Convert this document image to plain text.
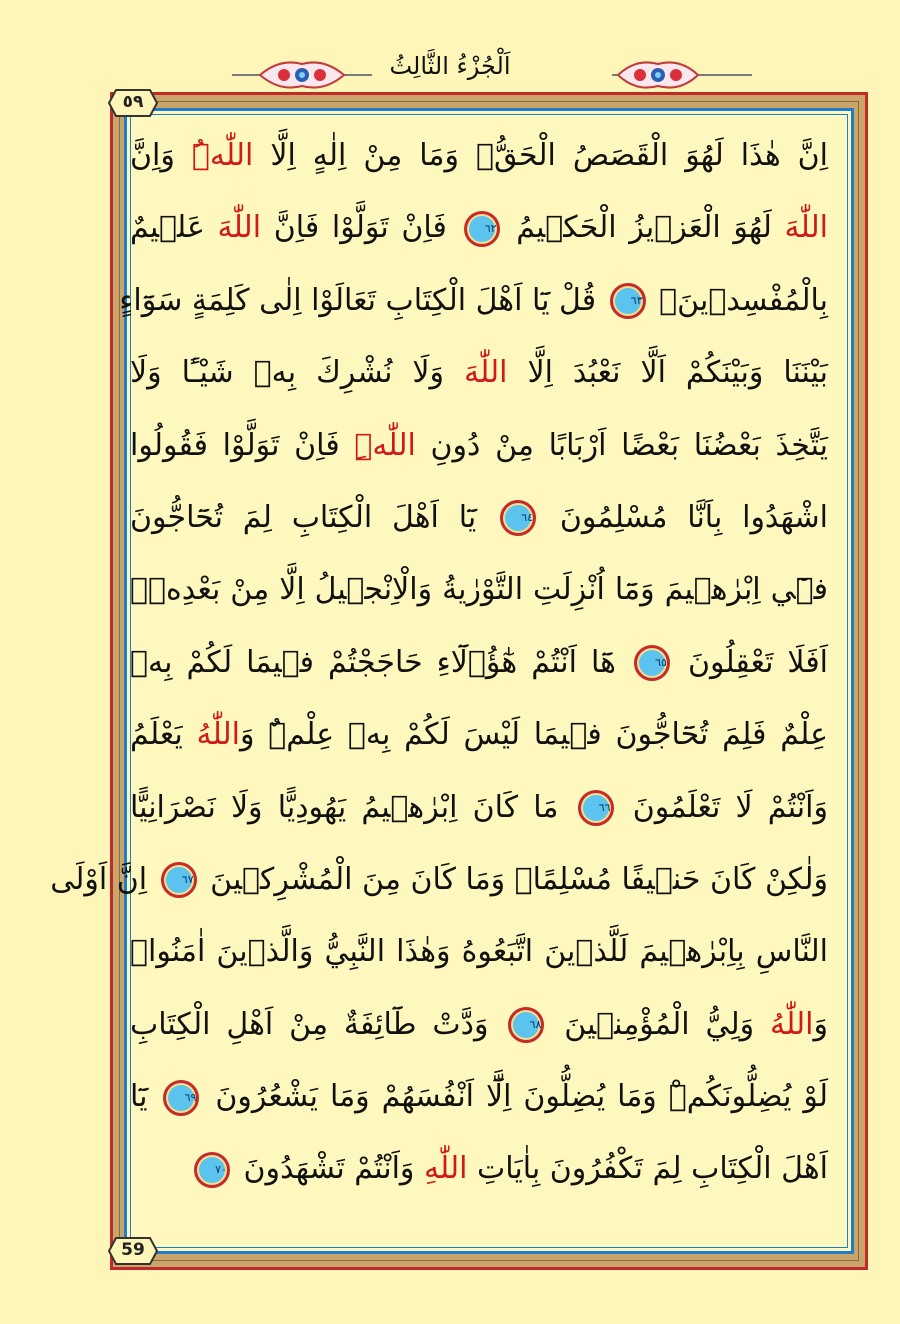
اَلْجُزْءُ الثَّالِثُ
٥٩
59
اِنَّ هٰذَا لَهُوَ الْقَصَصُ الْحَقُّۚ وَمَا مِنْ اِلٰهٍ اِلَّا اللّٰهُۜ وَاِنَّ
اللّٰهَ لَهُوَ الْعَز۪يزُ الْحَك۪يمُ ٦٢ فَاِنْ تَوَلَّوْا فَاِنَّ اللّٰهَ عَل۪يمٌ
بِالْمُفْسِد۪ينَ۟ ٦٣ قُلْ يَٓا اَهْلَ الْكِتَابِ تَعَالَوْا اِلٰى كَلِمَةٍ سَوَٓاءٍ
بَيْنَنَا وَبَيْنَكُمْ اَلَّا نَعْبُدَ اِلَّا اللّٰهَ وَلَا نُشْرِكَ بِه۪ شَيْـًٔا وَلَا
يَتَّخِذَ بَعْضُنَا بَعْضًا اَرْبَابًا مِنْ دُونِ اللّٰهِۜ فَاِنْ تَوَلَّوْا فَقُولُوا
اشْهَدُوا بِاَنَّا مُسْلِمُونَ ٦٤ يَٓا اَهْلَ الْكِتَابِ لِمَ تُحَٓاجُّونَ
ف۪ٓي اِبْرٰه۪يمَ وَمَٓا اُنْزِلَتِ التَّوْرٰيةُ وَالْاِنْج۪يلُ اِلَّا مِنْ بَعْدِه۪ۜ
اَفَلَا تَعْقِلُونَ ٦٥ هَٓا اَنْتُمْ هٰٓؤُ۬لَٓاءِ حَاجَجْتُمْ ف۪يمَا لَكُمْ بِه۪
عِلْمٌ فَلِمَ تُحَٓاجُّونَ ف۪يمَا لَيْسَ لَكُمْ بِه۪ عِلْمٌۜ وَاللّٰهُ يَعْلَمُ
وَاَنْتُمْ لَا تَعْلَمُونَ ٦٦ مَا كَانَ اِبْرٰه۪يمُ يَهُودِيًّا وَلَا نَصْرَانِيًّا
وَلٰكِنْ كَانَ حَن۪يفًا مُسْلِمًاۜ وَمَا كَانَ مِنَ الْمُشْرِك۪ينَ ٦٧ اِنَّ اَوْلَى
النَّاسِ بِاِبْرٰه۪يمَ لَلَّذ۪ينَ اتَّبَعُوهُ وَهٰذَا النَّبِيُّ وَالَّذ۪ينَ اٰمَنُواۜ
وَاللّٰهُ وَلِيُّ الْمُؤْمِن۪ينَ ٦٨ وَدَّتْ طَٓائِفَةٌ مِنْ اَهْلِ الْكِتَابِ
لَوْ يُضِلُّونَكُمْۜ وَمَا يُضِلُّونَ اِلَّٓا اَنْفُسَهُمْ وَمَا يَشْعُرُونَ ٦٩ يَٓا
اَهْلَ الْكِتَابِ لِمَ تَكْفُرُونَ بِاٰيَاتِ اللّٰهِ وَاَنْتُمْ تَشْهَدُونَ ٧٠
